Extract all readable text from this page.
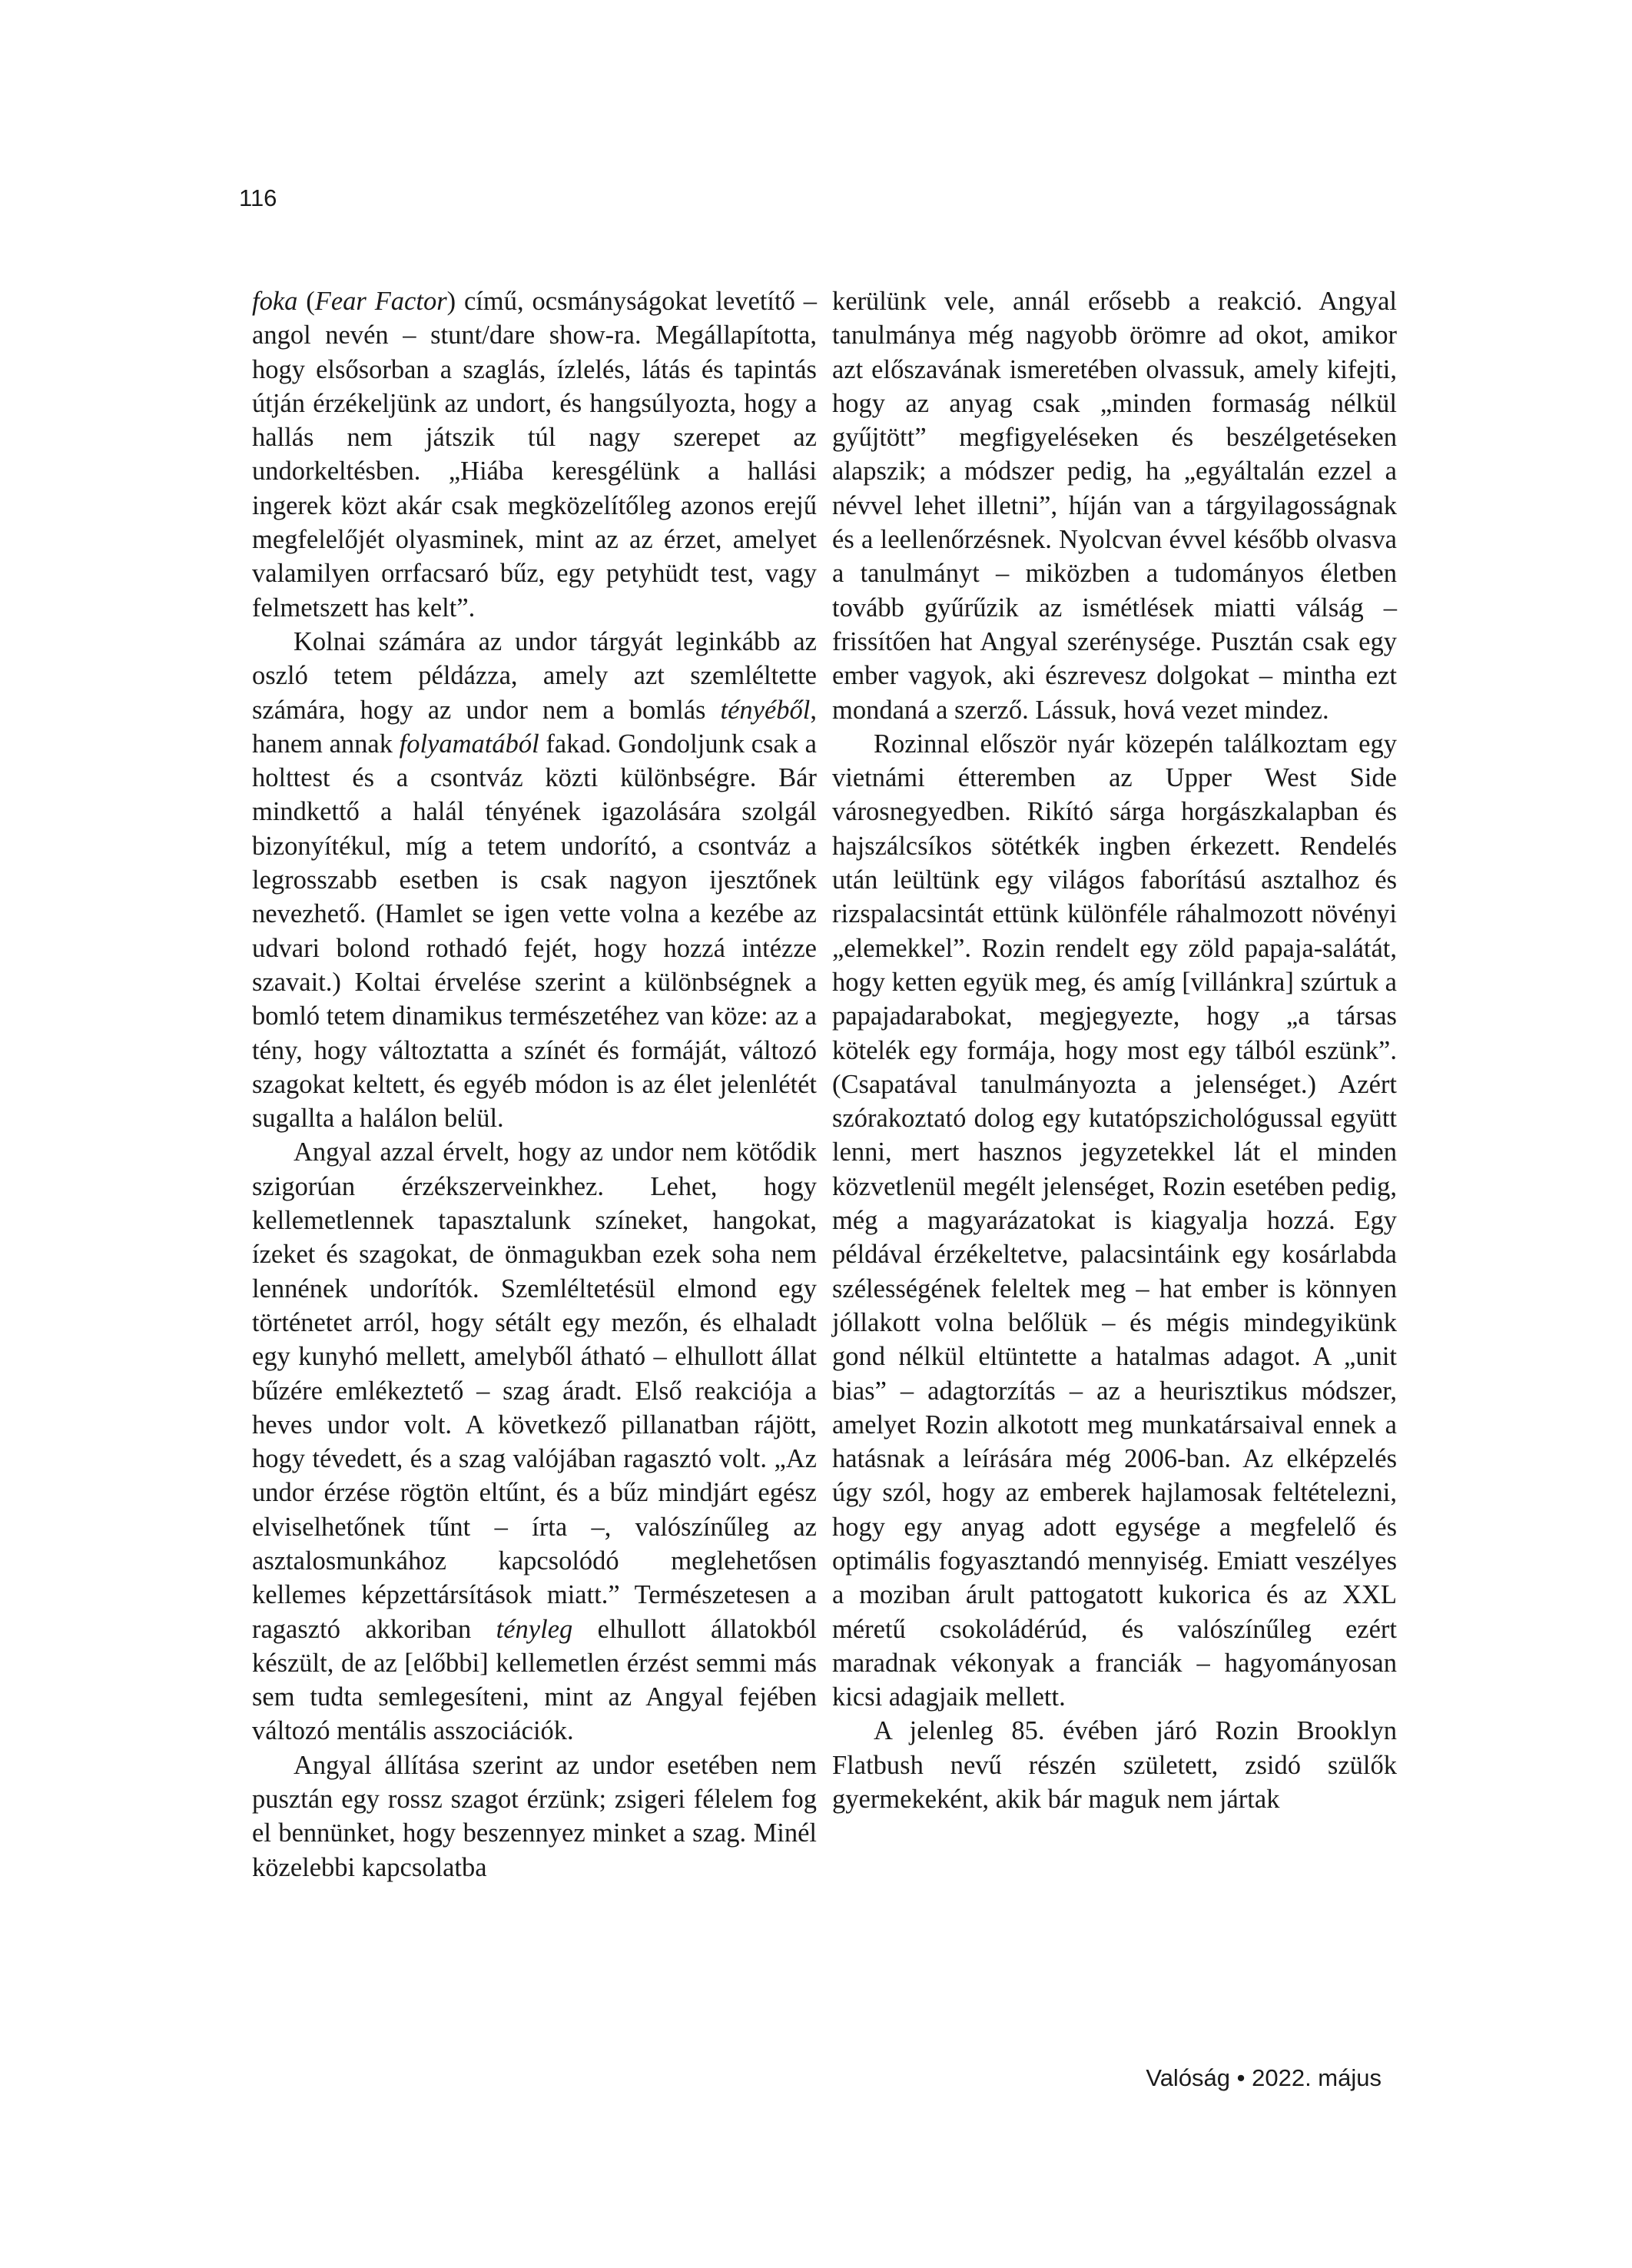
116

foka (Fear Factor) című, ocsmányságokat levetítő – angol nevén – stunt/dare show-ra. Megállapította, hogy elsősorban a szaglás, ízlelés, látás és tapintás útján érzékeljünk az undort, és hangsúlyozta, hogy a hallás nem játszik túl nagy szerepet az undorkeltésben. „Hiába keresgélünk a hallási ingerek közt akár csak megközelítőleg azonos erejű megfelelőjét olyasminek, mint az az érzet, amelyet valamilyen orrfacsaró bűz, egy petyhüdt test, vagy felmetszett has kelt”.

Kolnai számára az undor tárgyát leginkább az oszló tetem példázza, amely azt szemléltette számára, hogy az undor nem a bomlás tényéből, hanem annak folyamatából fakad. Gondoljunk csak a holttest és a csontváz közti különbségre. Bár mindkettő a halál tényének igazolására szolgál bizonyítékul, míg a tetem undorító, a csontváz a legrosszabb esetben is csak nagyon ijesztőnek nevezhető. (Hamlet se igen vette volna a kezébe az udvari bolond rothadó fejét, hogy hozzá intézze szavait.) Koltai érvelése szerint a különbségnek a bomló tetem dinamikus természetéhez van köze: az a tény, hogy változtatta a színét és formáját, változó szagokat keltett, és egyéb módon is az élet jelenlétét sugallta a halálon belül.

Angyal azzal érvelt, hogy az undor nem kötődik szigorúan érzékszerveinkhez. Lehet, hogy kellemetlennek tapasztalunk színeket, hangokat, ízeket és szagokat, de önmagukban ezek soha nem lennének undorítók. Szemléltetésül elmond egy történetet arról, hogy sétált egy mezőn, és elhaladt egy kunyhó mellett, amelyből átható – elhullott állat bűzére emlékeztető – szag áradt. Első reakciója a heves undor volt. A következő pillanatban rájött, hogy tévedett, és a szag valójában ragasztó volt. „Az undor érzése rögtön eltűnt, és a bűz mindjárt egész elviselhetőnek tűnt – írta –, valószínűleg az asztalosmunkához kapcsolódó meglehetősen kellemes képzettársítások miatt.” Természetesen a ragasztó akkoriban tényleg elhullott állatokból készült, de az [előbbi] kellemetlen érzést semmi más sem tudta semlegesíteni, mint az Angyal fejében változó mentális asszociációk.

Angyal állítása szerint az undor esetében nem pusztán egy rossz szagot érzünk; zsigeri félelem fog el bennünket, hogy beszennyez minket a szag. Minél közelebbi kapcsolatba

kerülünk vele, annál erősebb a reakció. Angyal tanulmánya még nagyobb örömre ad okot, amikor azt előszavának ismeretében olvassuk, amely kifejti, hogy az anyag csak „minden formaság nélkül gyűjtött” megfigyeléseken és beszélgetéseken alapszik; a módszer pedig, ha „egyáltalán ezzel a névvel lehet illetni”, híján van a tárgyilagosságnak és a leellenőrzésnek. Nyolcvan évvel később olvasva a tanulmányt – miközben a tudományos életben tovább gyűrűzik az ismétlések miatti válság – frissítően hat Angyal szerénysége. Pusztán csak egy ember vagyok, aki észrevesz dolgokat – mintha ezt mondaná a szerző. Lássuk, hová vezet mindez.

Rozinnal először nyár közepén találkoztam egy vietnámi étteremben az Upper West Side városnegyedben. Rikító sárga horgászkalapban és hajszálcsíkos sötétkék ingben érkezett. Rendelés után leültünk egy világos faborítású asztalhoz és rizspalacsintát ettünk különféle ráhalmozott növényi „elemekkel”. Rozin rendelt egy zöld papaja-salátát, hogy ketten együk meg, és amíg [villánkra] szúrtuk a papajadarabokat, megjegyezte, hogy „a társas kötelék egy formája, hogy most egy tálból eszünk”. (Csapatával tanulmányozta a jelenséget.) Azért szórakoztató dolog egy kutatópszichológussal együtt lenni, mert hasznos jegyzetekkel lát el minden közvetlenül megélt jelenséget, Rozin esetében pedig, még a magyarázatokat is kiagyalja hozzá. Egy példával érzékeltetve, palacsintáink egy kosárlabda szélességének feleltek meg – hat ember is könnyen jóllakott volna belőlük – és mégis mindegyikünk gond nélkül eltüntette a hatalmas adagot. A „unit bias” – adagtorzítás – az a heurisztikus módszer, amelyet Rozin alkotott meg munkatársaival ennek a hatásnak a leírására még 2006-ban. Az elképzelés úgy szól, hogy az emberek hajlamosak feltételezni, hogy egy anyag adott egysége a megfelelő és optimális fogyasztandó mennyiség. Emiatt veszélyes a moziban árult pattogatott kukorica és az XXL méretű csokoládérúd, és valószínűleg ezért maradnak vékonyak a franciák – hagyományosan kicsi adagjaik mellett.

A jelenleg 85. évében járó Rozin Brooklyn Flatbush nevű részén született, zsidó szülők gyermekeként, akik bár maguk nem jártak

Valóság • 2022. május
